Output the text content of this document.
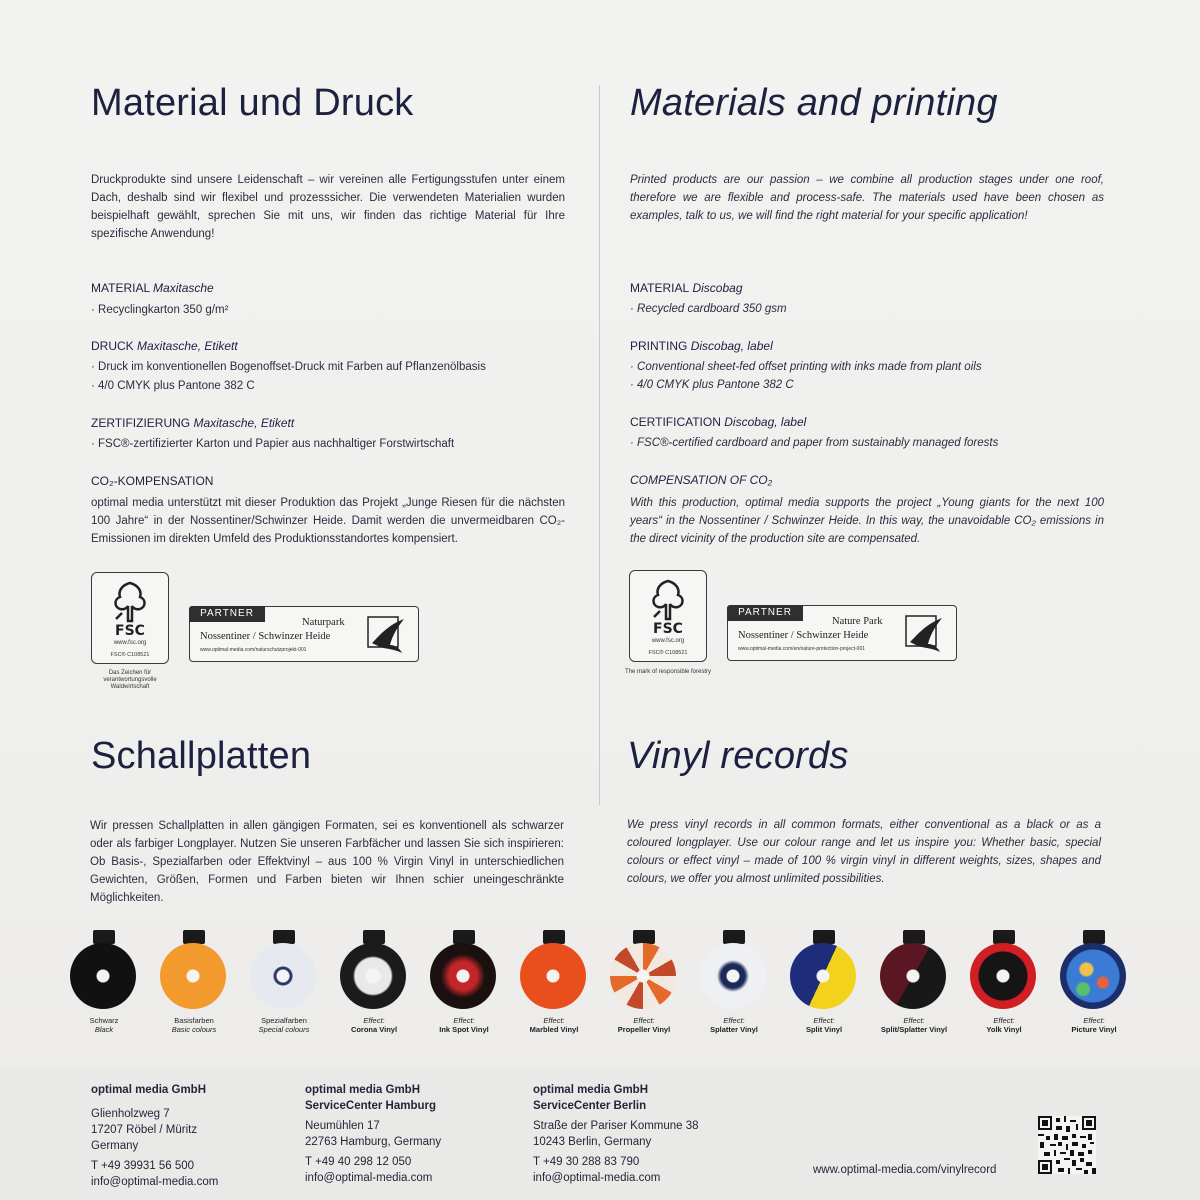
Material und Druck
Druckprodukte sind unsere Leidenschaft – wir vereinen alle Fertigungsstufen unter einem Dach, deshalb sind wir flexibel und prozesssicher. Die verwendeten Materialien wurden beispielhaft gewählt, sprechen Sie mit uns, wir finden das richtige Material für Ihre spezifische Anwendung!
MATERIAL Maxitasche
· Recyclingkarton 350 g/m²
DRUCK Maxitasche, Etikett
· Druck im konventionellen Bogenoffset-Druck mit Farben auf Pflanzenölbasis
· 4/0 CMYK plus Pantone 382 C
ZERTIFIZIERUNG Maxitasche, Etikett
· FSC®-zertifizierter Karton und Papier aus nachhaltiger Forstwirtschaft
CO₂-KOMPENSATION
optimal media unterstützt mit dieser Produktion das Projekt „Junge Riesen für die nächsten 100 Jahre“ in der Nossentiner/Schwinzer Heide. Damit werden die unvermeidbaren CO₂-Emissionen im direkten Umfeld des Produktionsstandortes kompensiert.
Materials and printing
Printed products are our passion – we combine all production stages under one roof, therefore we are flexible and process-safe. The materials used have been chosen as examples, talk to us, we will find the right material for your specific application!
MATERIAL Discobag
· Recycled cardboard 350 gsm
PRINTING Discobag, label
· Conventional sheet-fed offset printing with inks made from plant oils
· 4/0 CMYK plus Pantone 382 C
CERTIFICATION Discobag, label
· FSC®-certified cardboard and paper from sustainably managed forests
COMPENSATION OF CO₂
With this production, optimal media supports the project „Young giants for the next 100 years“ in the Nossentiner / Schwinzer Heide. In this way, the unavoidable CO₂ emissions in the direct vicinity of the production site are compensated.
FSC
www.fsc.org
FSC® C108521
Das Zeichen für verantwortungsvolle Waldwirtschaft
PARTNER
Naturpark
Nossentiner / Schwinzer Heide
www.optimal-media.com/naturschutzprojekt-001
FSC
www.fsc.org
FSC® C108521
The mark of responsible forestry
PARTNER
Nature Park
Nossentiner / Schwinzer Heide
www.optimal-media.com/en/nature-protection-project-001
Schallplatten	Vinyl records
Wir pressen Schallplatten in allen gängigen Formaten, sei es konventionell als schwarzer oder als farbiger Longplayer. Nutzen Sie unseren Farbfächer und lassen Sie sich inspirieren: Ob Basis-, Spezialfarben oder Effektvinyl – aus 100 % Virgin Vinyl in unterschiedlichen Gewichten, Größen, Formen und Farben bieten wir Ihnen schier uneingeschränkte Möglichkeiten.
We press vinyl records in all common formats, either conventional as a black or as a coloured longplayer. Use our colour range and let us inspire you: Whether basic, special colours or effect vinyl – made of 100 % virgin vinyl in different weights, sizes, shapes and colours, we offer you almost unlimited possibilities.
Schwarz
Black
Basisfarben
Basic colours
Spezialfarben
Special colours
Effect:
Corona Vinyl
Effect:
Ink Spot Vinyl
Effect:
Marbled Vinyl
Effect:
Propeller Vinyl
Effect:
Splatter Vinyl
Effect:
Split Vinyl
Effect:
Split/Splatter Vinyl
Effect:
Yolk Vinyl
Effect:
Picture Vinyl
optimal media GmbH
Glienholzweg 7
17207 Röbel / Müritz
Germany
T +49 39931 56 500
info@optimal-media.com
optimal media GmbH
ServiceCenter Hamburg
Neumühlen 17
22763 Hamburg, Germany
T +49 40 298 12 050
info@optimal-media.com
optimal media GmbH
ServiceCenter Berlin
Straße der Pariser Kommune 38
10243 Berlin, Germany
T +49 30 288 83 790
info@optimal-media.com
www.optimal-media.com/vinylrecord
